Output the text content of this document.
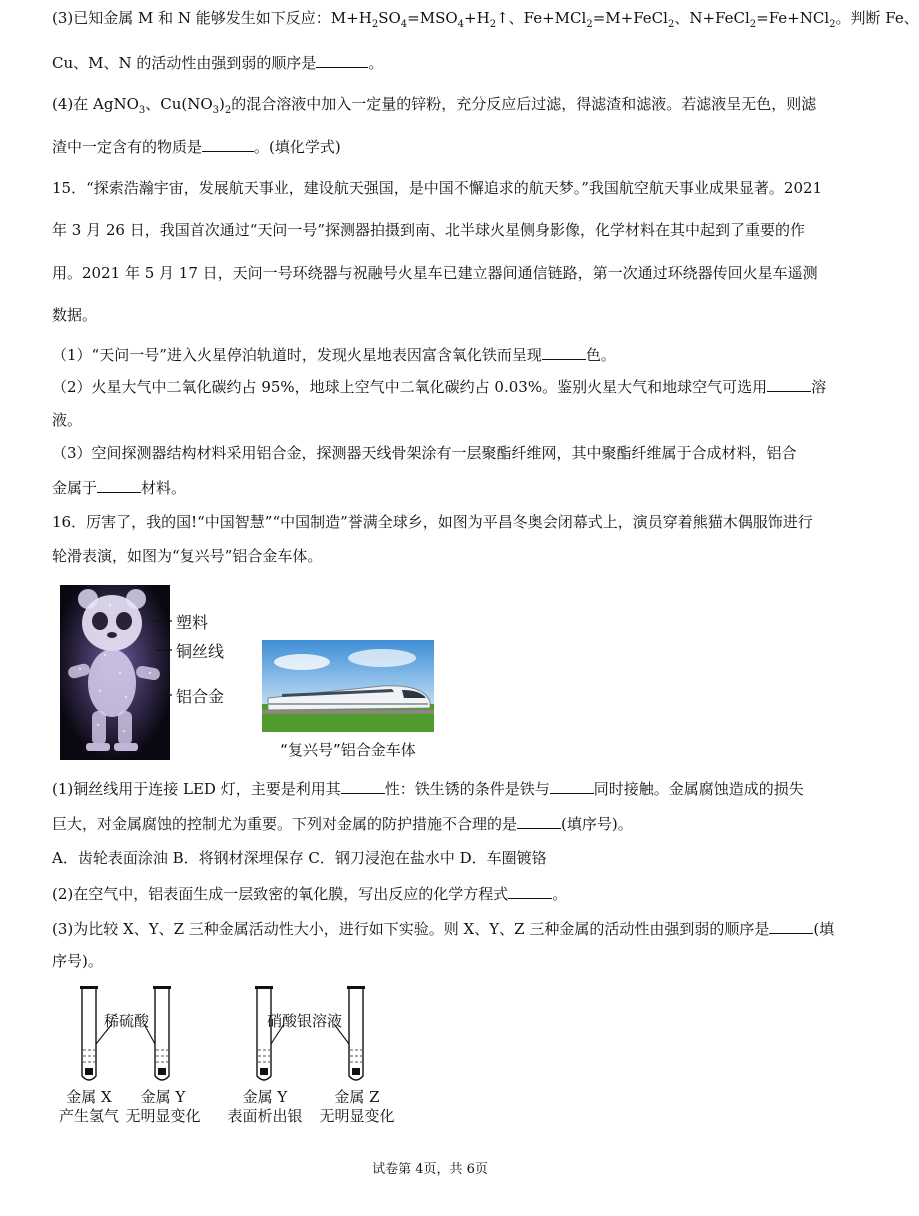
(3)已知金属 M 和 N 能够发生如下反应：$M+H_2SO_4=MSO_4+H_2↑$、Fe+MCl$_2$=M+FeCl$_2$、N+FeCl$_2$=Fe+NCl$_2$。判断 Fe、
Cu、M、N 的活动性由强到弱的顺序是	。
(4)在 AgNO$_3$、$Cu(NO_3)_2$的混合溶液中加入一定量的锌粉，充分反应后过滤，得滤渣和滤液。若滤液呈无色，则滤
渣中一定含有的物质是	。(填化学式)
15．“探索浩瀚宇宙，发展航天事业，建设航天强国，是中国不懈追求的航天梦。”我国航空航天事业成果显著。2021
年 3 月 26 日，我国首次通过“天问一号”探测器拍摄到南、北半球火星侧身影像，化学材料在其中起到了重要的作
用。2021 年 5 月 17 日，天问一号环绕器与祝融号火星车已建立器间通信链路，第一次通过环绕器传回火星车遥测
数据。
（1）“天问一号”进入火星停泊轨道时，发现火星地表因富含氧化铁而呈现	色。
（2）火星大气中二氧化碳约占 95%，地球上空气中二氧化碳约占 0.03%。鉴别火星大气和地球空气可选用	溶
液。
（3）空间探测器结构材料采用铝合金，探测器天线骨架涂有一层聚酯纤维网，其中聚酯纤维属于合成材料，铝合
金属于	材料。
16．厉害了，我的国!“中国智慧”“中国制造”誉满全球乡，如图为平昌冬奥会闭幕式上，演员穿着熊猫木偶服饰进行
轮滑表演，如图为“复兴号”铝合金车体。
塑料
铜丝线
铝合金
“复兴号”铝合金车体
(1)铜丝线用于连接 LED 灯，主要是利用其	性：铁生锈的条件是铁与	同时接触。金属腐蚀造成的损失
巨大，对金属腐蚀的控制尤为重要。下列对金属的防护措施不合理的是	(填序号)。
A．齿轮表面涂油 B．将钢材深埋保存 C．钢刀浸泡在盐水中 D．车圈镀铬
(2)在空气中，铝表面生成一层致密的氧化膜，写出反应的化学方程式	。
(3)为比较 X、Y、Z 三种金属活动性大小，进行如下实验。则 X、Y、Z 三种金属的活动性由强到弱的顺序是	(填
序号)。
稀硫酸	硝酸银溶液
金属 X
产生氢气
金属 Y
无明显变化
金属 Y
表面析出银
金属 Z
无明显变化
试卷第 4页，共 6页
